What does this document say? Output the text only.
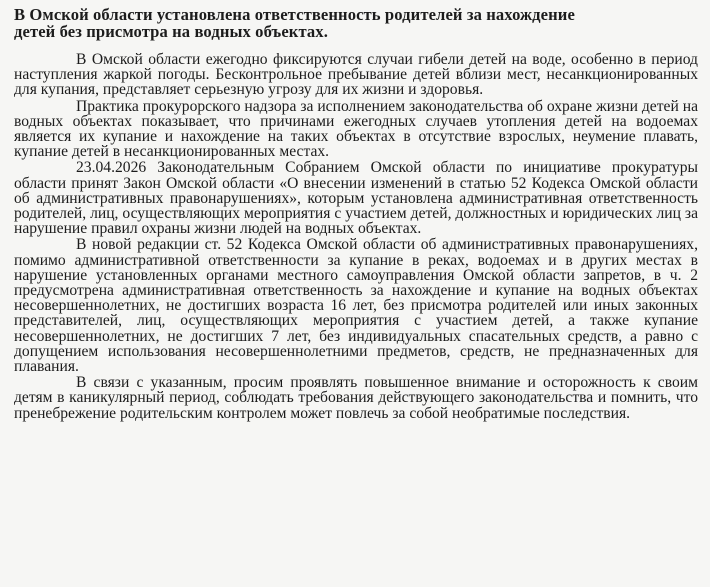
В Омской области установлена ответственность родителей за нахождение
детей без присмотра на водных объектах.

В Омской области ежегодно фиксируются случаи гибели детей на воде, особенно в период наступления жаркой погоды. Бесконтрольное пребывание детей вблизи мест, несанкционированных для купания, представляет серьезную угрозу для их жизни и здоровья.

Практика прокурорского надзора за исполнением законодательства об охране жизни детей на водных объектах показывает, что причинами ежегодных случаев утопления детей на водоемах является их купание и нахождение на таких объектах в отсутствие взрослых, неумение плавать, купание детей в несанкционированных местах.

23.04.2026 Законодательным Собранием Омской области по инициативе прокуратуры области принят Закон Омской области «О внесении изменений в статью 52 Кодекса Омской области об административных правонарушениях», которым установлена административная ответственность родителей, лиц, осуществляющих мероприятия с участием детей, должностных и юридических лиц за нарушение правил охраны жизни людей на водных объектах.

В новой редакции ст. 52 Кодекса Омской области об административных правонарушениях, помимо административной ответственности за купание в реках, водоемах и в других местах в нарушение установленных органами местного самоуправления Омской области запретов, в ч. 2 предусмотрена административная ответственность за нахождение и купание на водных объектах несовершеннолетних, не достигших возраста 16 лет, без присмотра родителей или иных законных представителей, лиц, осуществляющих мероприятия с участием детей, а также купание несовершеннолетних, не достигших 7 лет, без индивидуальных спасательных средств, а равно с допущением использования несовершеннолетними предметов, средств, не предназначенных для плавания.

В связи с указанным, просим проявлять повышенное внимание и осторожность к своим детям в каникулярный период, соблюдать требования действующего законодательства и помнить, что пренебрежение родительским контролем может повлечь за собой необратимые последствия.
